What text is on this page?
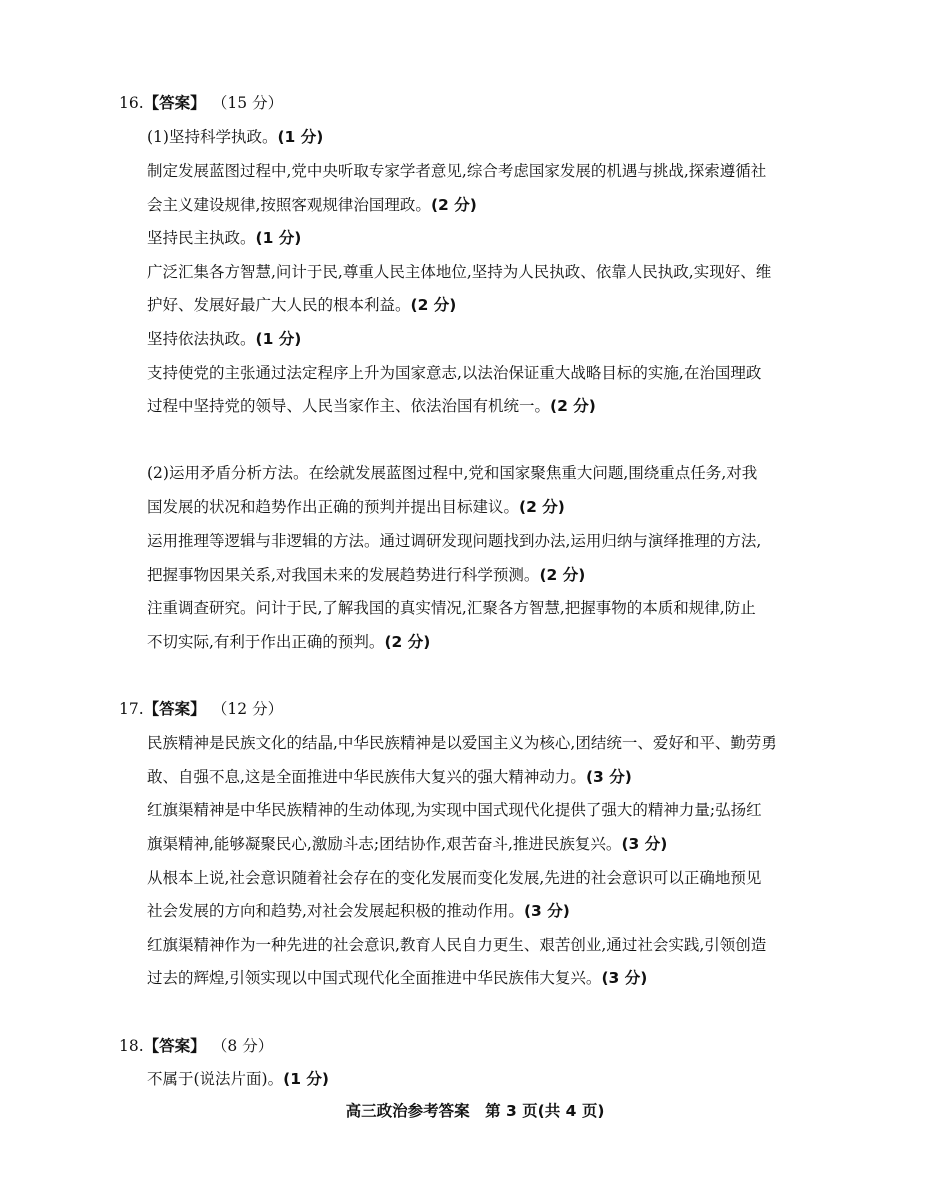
16.【答案】 （15 分）
(1)坚持科学执政。(1 分)
制定发展蓝图过程中,党中央听取专家学者意见,综合考虑国家发展的机遇与挑战,探索遵循社
会主义建设规律,按照客观规律治国理政。(2 分)
坚持民主执政。(1 分)
广泛汇集各方智慧,问计于民,尊重人民主体地位,坚持为人民执政、依靠人民执政,实现好、维
护好、发展好最广大人民的根本利益。(2 分)
坚持依法执政。(1 分)
支持使党的主张通过法定程序上升为国家意志,以法治保证重大战略目标的实施,在治国理政
过程中坚持党的领导、人民当家作主、依法治国有机统一。(2 分)
(2)运用矛盾分析方法。在绘就发展蓝图过程中,党和国家聚焦重大问题,围绕重点任务,对我
国发展的状况和趋势作出正确的预判并提出目标建议。(2 分)
运用推理等逻辑与非逻辑的方法。通过调研发现问题找到办法,运用归纳与演绎推理的方法,
把握事物因果关系,对我国未来的发展趋势进行科学预测。(2 分)
注重调查研究。问计于民,了解我国的真实情况,汇聚各方智慧,把握事物的本质和规律,防止
不切实际,有利于作出正确的预判。(2 分)
17.【答案】 （12 分）
民族精神是民族文化的结晶,中华民族精神是以爱国主义为核心,团结统一、爱好和平、勤劳勇
敢、自强不息,这是全面推进中华民族伟大复兴的强大精神动力。(3 分)
红旗渠精神是中华民族精神的生动体现,为实现中国式现代化提供了强大的精神力量;弘扬红
旗渠精神,能够凝聚民心,激励斗志;团结协作,艰苦奋斗,推进民族复兴。(3 分)
从根本上说,社会意识随着社会存在的变化发展而变化发展,先进的社会意识可以正确地预见
社会发展的方向和趋势,对社会发展起积极的推动作用。(3 分)
红旗渠精神作为一种先进的社会意识,教育人民自力更生、艰苦创业,通过社会实践,引领创造
过去的辉煌,引领实现以中国式现代化全面推进中华民族伟大复兴。(3 分)
18.【答案】 （8 分）
不属于(说法片面)。(1 分)
高三政治参考答案　第 3 页(共 4 页)
